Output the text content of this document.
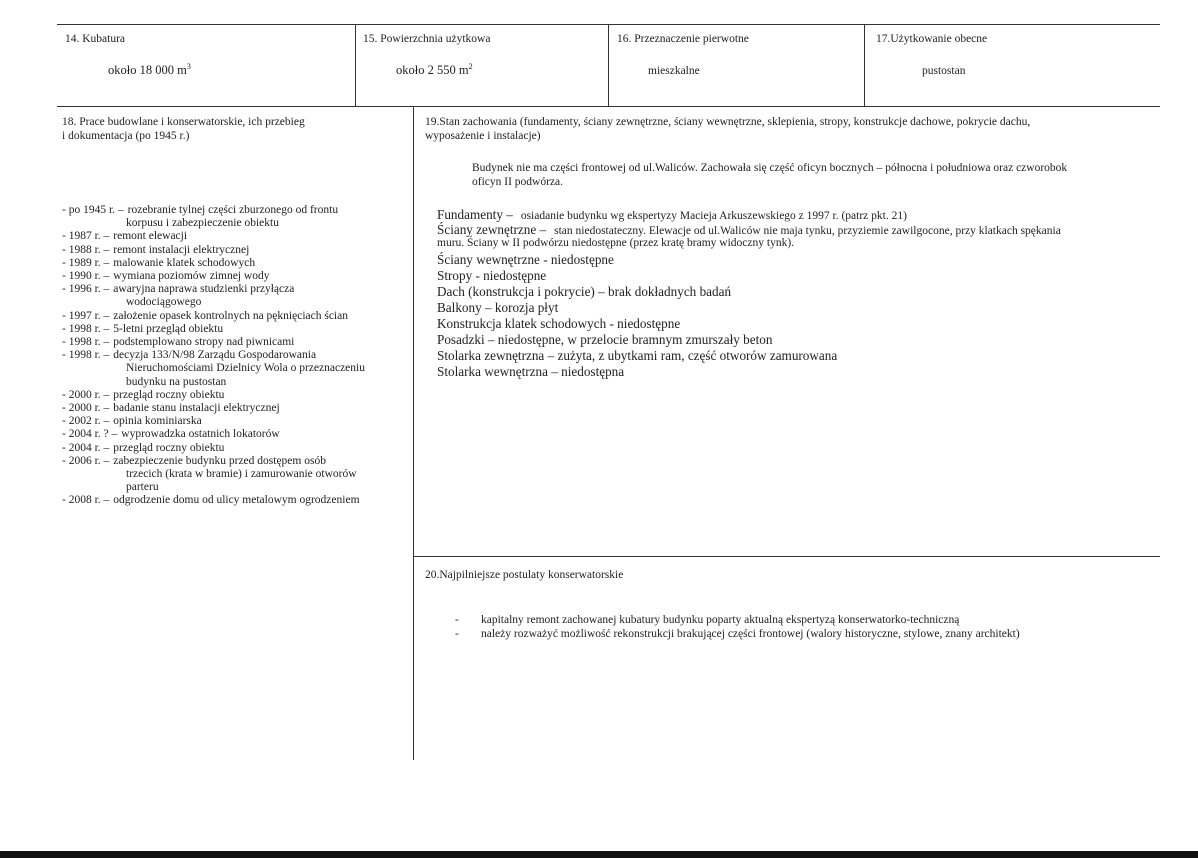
14. Kubatura
około 18 000 $m^3$
15. Powierzchnia użytkowa
około 2 550 $m^2$
16. Przeznaczenie pierwotne
mieszkalne
17.Użytkowanie obecne
pustostan
18. Prace budowlane i konserwatorskie, ich przebieg
i dokumentacja (po 1945 r.)
- po 1945 r. – rozebranie tylnej części zburzonego od frontu
korpusu i zabezpieczenie obiektu
- 1987 r. – remont elewacji
- 1988 r. – remont instalacji elektrycznej
- 1989 r. – malowanie klatek schodowych
- 1990 r. – wymiana poziomów zimnej wody
- 1996 r. – awaryjna naprawa studzienki przyłącza
wodociągowego
- 1997 r. – założenie opasek kontrolnych na pęknięciach ścian
- 1998 r. – 5-letni przegląd obiektu
- 1998 r. – podstemplowano stropy nad piwnicami
- 1998 r. – decyzja 133/N/98 Zarządu Gospodarowania
Nieruchomościami Dzielnicy Wola o przeznaczeniu
budynku na pustostan
- 2000 r. – przegląd roczny obiektu
- 2000 r. – badanie stanu instalacji elektrycznej
- 2002 r. – opinia kominiarska
- 2004 r. ? – wyprowadzka ostatnich lokatorów
- 2004 r. – przegląd roczny obiektu
- 2006 r. – zabezpieczenie budynku przed dostępem osób
trzecich (krata w bramie) i zamurowanie otworów
parteru
- 2008 r. – odgrodzenie domu od ulicy metalowym ogrodzeniem
19.Stan zachowania (fundamenty, ściany zewnętrzne, ściany wewnętrzne, sklepienia, stropy, konstrukcje dachowe, pokrycie dachu,
wyposażenie i instalacje)
Budynek nie ma części frontowej od ul.Waliców. Zachowała się część oficyn bocznych – północna i południowa oraz czworobok
oficyn II podwórza.
Fundamenty – osiadanie budynku wg ekspertyzy Macieja Arkuszewskiego z 1997 r. (patrz pkt. 21)
Ściany zewnętrzne – stan niedostateczny. Elewacje od ul.Waliców nie maja tynku, przyziemie zawilgocone, przy klatkach spękania
muru. Ściany w II podwórzu niedostępne (przez kratę bramy widoczny tynk).
Ściany wewnętrzne - niedostępne
Stropy - niedostępne
Dach (konstrukcja i pokrycie) – brak dokładnych badań
Balkony – korozja płyt
Konstrukcja klatek schodowych - niedostępne
Posadzki – niedostępne, w przelocie bramnym zmurszały beton
Stolarka zewnętrzna – zużyta, z ubytkami ram, część otworów zamurowana
Stolarka wewnętrzna – niedostępna
20.Najpilniejsze postulaty konserwatorskie
-	kapitalny remont zachowanej kubatury budynku poparty aktualną ekspertyzą konserwatorko-techniczną
-	należy rozważyć możliwość rekonstrukcji brakującej części frontowej (walory historyczne, stylowe, znany architekt)
